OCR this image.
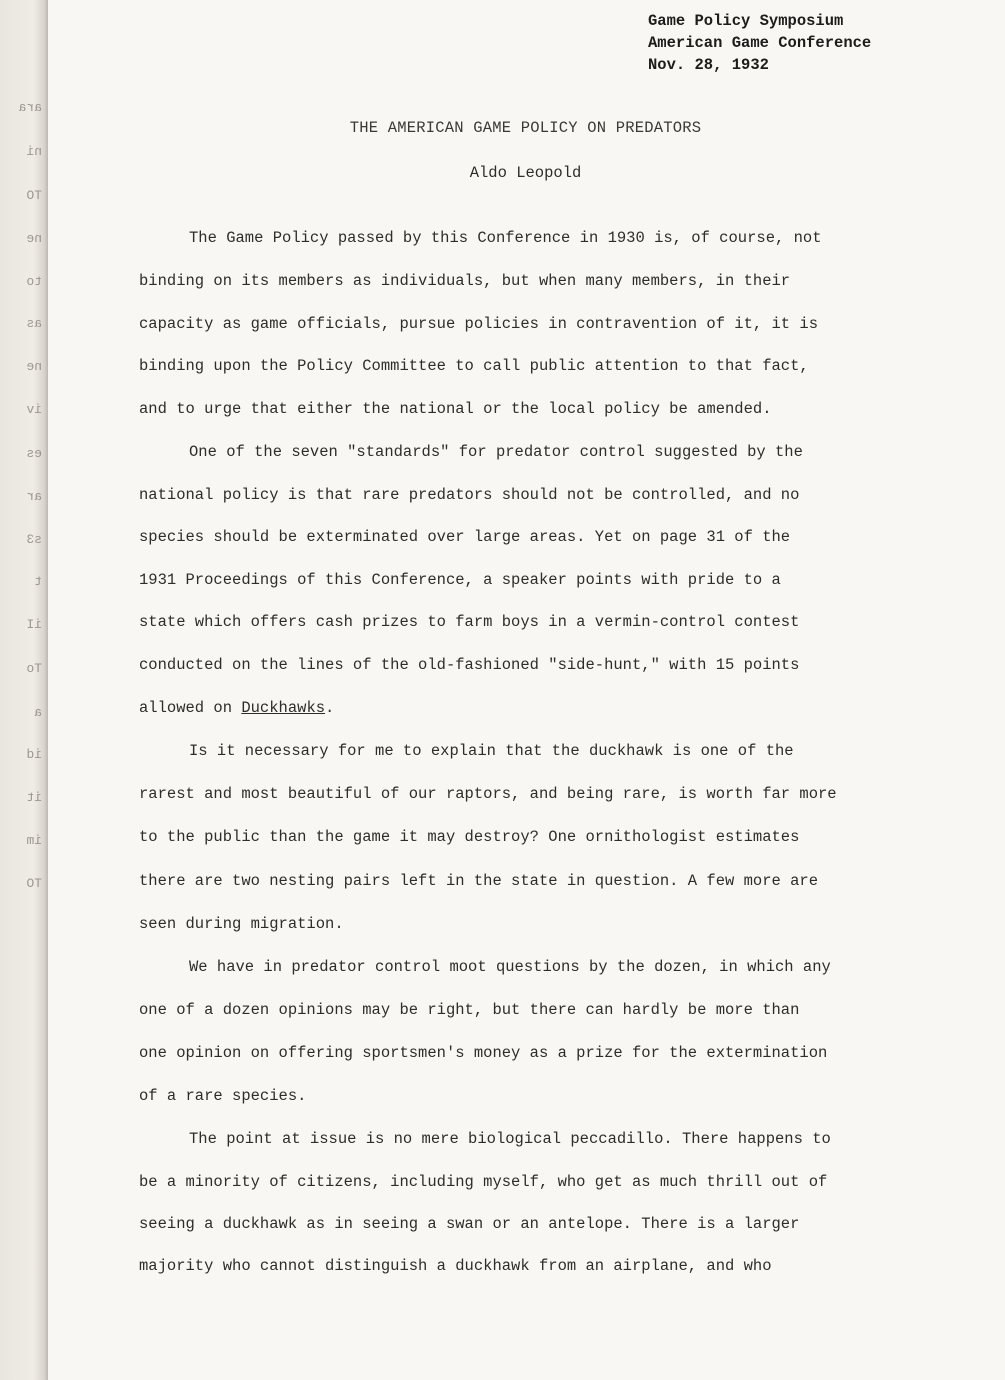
ara
ni
TO
ne
to
as
ne
iv
es
ar
s3
t
iI
To
a
id
it
im
TO
Game Policy Symposium
American Game Conference
Nov. 28, 1932
THE AMERICAN GAME POLICY ON PREDATORS
Aldo Leopold
The Game Policy passed by this Conference in 1930 is, of course, not
binding on its members as individuals, but when many members, in their
capacity as game officials, pursue policies in contravention of it, it is
binding upon the Policy Committee to call public attention to that fact,
and to urge that either the national or the local policy be amended.
One of the seven "standards" for predator control suggested by the
national policy is that rare predators should not be controlled, and no
species should be exterminated over large areas. Yet on page 31 of the
1931 Proceedings of this Conference, a speaker points with pride to a
state which offers cash prizes to farm boys in a vermin-control contest
conducted on the lines of the old-fashioned "side-hunt," with 15 points
allowed on Duckhawks.
Is it necessary for me to explain that the duckhawk is one of the
rarest and most beautiful of our raptors, and being rare, is worth far more
to the public than the game it may destroy? One ornithologist estimates
there are two nesting pairs left in the state in question. A few more are
seen during migration.
We have in predator control moot questions by the dozen, in which any
one of a dozen opinions may be right, but there can hardly be more than
one opinion on offering sportsmen's money as a prize for the extermination
of a rare species.
The point at issue is no mere biological peccadillo. There happens to
be a minority of citizens, including myself, who get as much thrill out of
seeing a duckhawk as in seeing a swan or an antelope. There is a larger
majority who cannot distinguish a duckhawk from an airplane, and who
